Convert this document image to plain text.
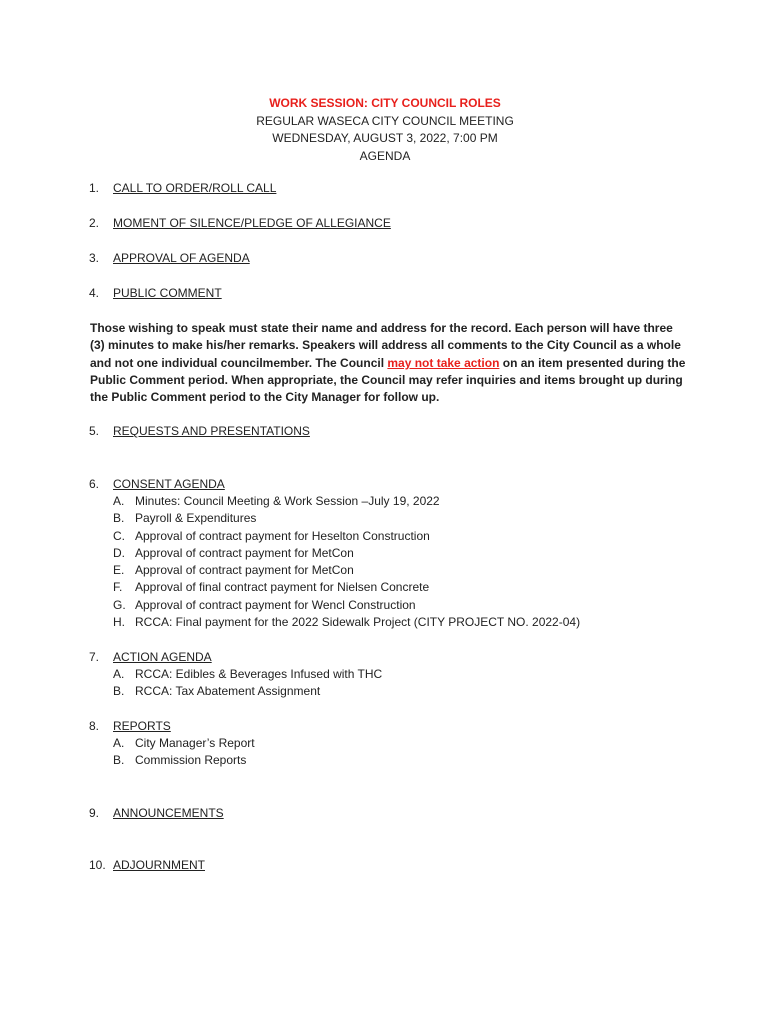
WORK SESSION: CITY COUNCIL ROLES
REGULAR WASECA CITY COUNCIL MEETING
WEDNESDAY, AUGUST 3, 2022, 7:00 PM
AGENDA
1. CALL TO ORDER/ROLL CALL
2. MOMENT OF SILENCE/PLEDGE OF ALLEGIANCE
3. APPROVAL OF AGENDA
4. PUBLIC COMMENT
Those wishing to speak must state their name and address for the record. Each person will have three (3) minutes to make his/her remarks. Speakers will address all comments to the City Council as a whole and not one individual councilmember. The Council may not take action on an item presented during the Public Comment period. When appropriate, the Council may refer inquiries and items brought up during the Public Comment period to the City Manager for follow up.
5. REQUESTS AND PRESENTATIONS
6. CONSENT AGENDA
A. Minutes: Council Meeting & Work Session –July 19, 2022
B. Payroll & Expenditures
C. Approval of contract payment for Heselton Construction
D. Approval of contract payment for MetCon
E. Approval of contract payment for MetCon
F. Approval of final contract payment for Nielsen Concrete
G. Approval of contract payment for Wencl Construction
H. RCCA: Final payment for the 2022 Sidewalk Project (CITY PROJECT NO. 2022-04)
7. ACTION AGENDA
A. RCCA: Edibles & Beverages Infused with THC
B. RCCA: Tax Abatement Assignment
8. REPORTS
A. City Manager’s Report
B. Commission Reports
9. ANNOUNCEMENTS
10. ADJOURNMENT
